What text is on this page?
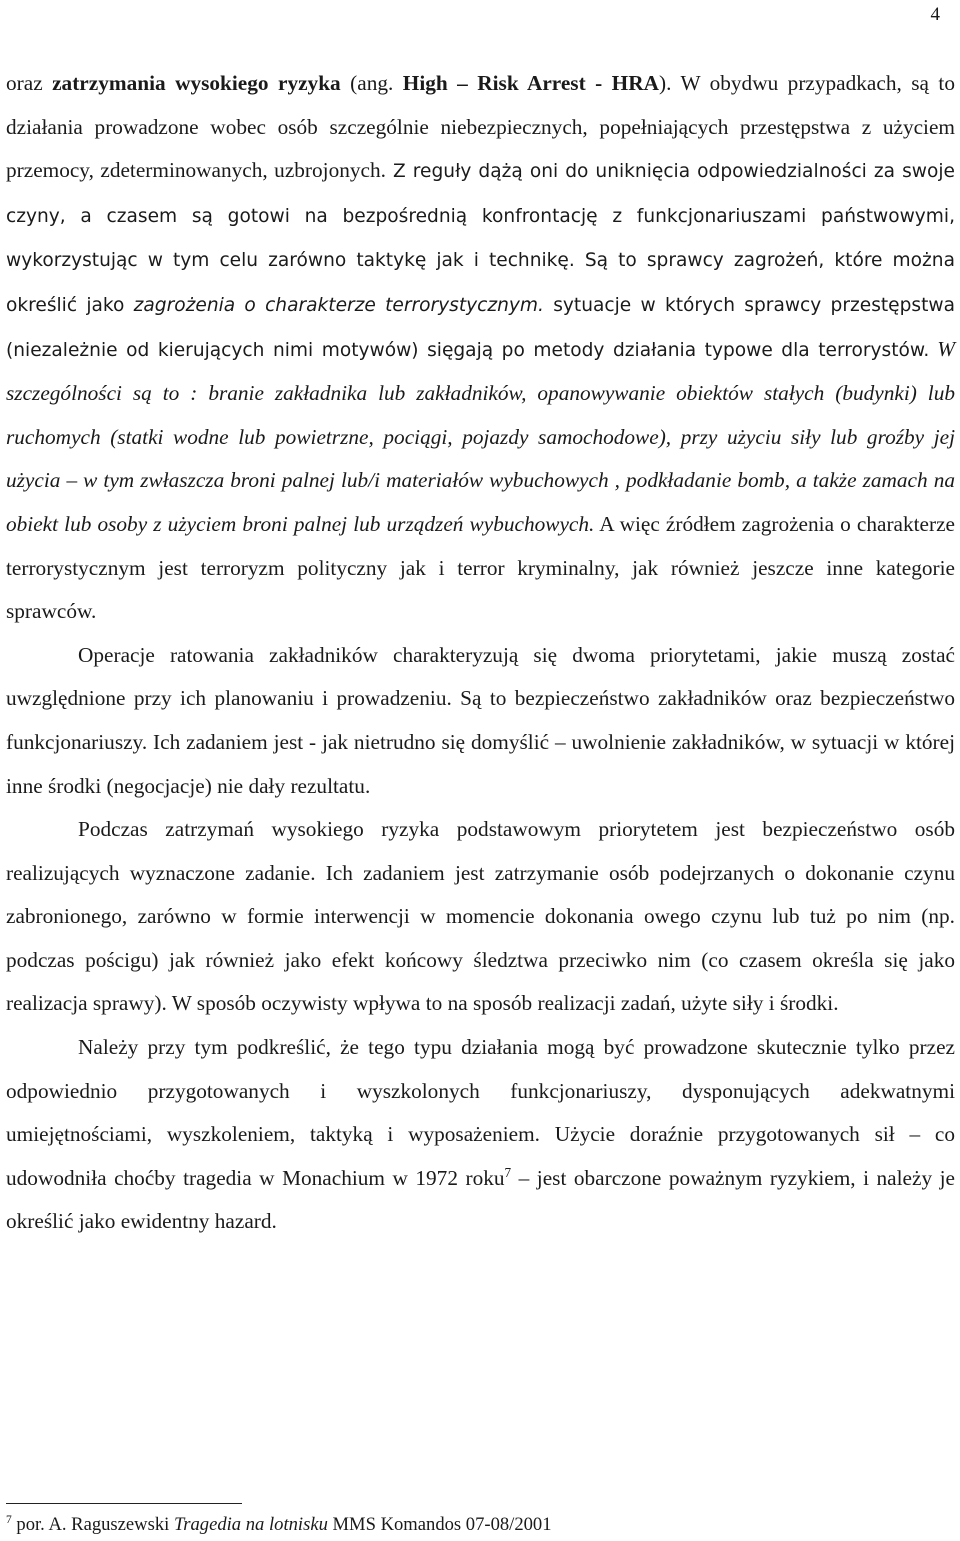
4

oraz zatrzymania wysokiego ryzyka (ang. High – Risk Arrest - HRA). W obydwu przypadkach, są to działania prowadzone wobec osób szczególnie niebezpiecznych, popełniających przestępstwa z użyciem przemocy, zdeterminowanych, uzbrojonych. Z reguły dążą oni do uniknięcia odpowiedzialności za swoje czyny, a czasem są gotowi na bezpośrednią konfrontację z funkcjonariuszami państwowymi, wykorzystując w tym celu zarówno taktykę jak i technikę. Są to sprawcy zagrożeń, które można określić jako zagrożenia o charakterze terrorystycznym. sytuacje w których sprawcy przestępstwa (niezależnie od kierujących nimi motywów) sięgają po metody działania typowe dla terrorystów. W szczególności są to : branie zakładnika lub zakładników, opanowywanie obiektów stałych (budynki) lub ruchomych (statki wodne lub powietrzne, pociągi, pojazdy samochodowe), przy użyciu siły lub groźby jej użycia – w tym zwłaszcza broni palnej lub/i materiałów wybuchowych , podkładanie bomb, a także zamach na obiekt lub osoby z użyciem broni palnej lub urządzeń wybuchowych. A więc źródłem zagrożenia o charakterze terrorystycznym jest terroryzm polityczny jak i terror kryminalny, jak również jeszcze inne kategorie sprawców.

Operacje ratowania zakładników charakteryzują się dwoma priorytetami, jakie muszą zostać uwzględnione przy ich planowaniu i prowadzeniu. Są to bezpieczeństwo zakładników oraz bezpieczeństwo funkcjonariuszy. Ich zadaniem jest - jak nietrudno się domyślić – uwolnienie zakładników, w sytuacji w której inne środki (negocjacje) nie dały rezultatu.

Podczas zatrzymań wysokiego ryzyka podstawowym priorytetem jest bezpieczeństwo osób realizujących wyznaczone zadanie. Ich zadaniem jest zatrzymanie osób podejrzanych o dokonanie czynu zabronionego, zarówno w formie interwencji w momencie dokonania owego czynu lub tuż po nim (np. podczas pościgu) jak również jako efekt końcowy śledztwa przeciwko nim (co czasem określa się jako realizacja sprawy). W sposób oczywisty wpływa to na sposób realizacji zadań, użyte siły i środki.

Należy przy tym podkreślić, że tego typu działania mogą być prowadzone skutecznie tylko przez odpowiednio przygotowanych i wyszkolonych funkcjonariuszy, dysponujących adekwatnymi umiejętnościami, wyszkoleniem, taktyką i wyposażeniem. Użycie doraźnie przygotowanych sił – co udowodniła choćby tragedia w Monachium w 1972 roku$^7$ – jest obarczone poważnym ryzykiem, i należy je określić jako ewidentny hazard.

$^7$ por. A. Raguszewski Tragedia na lotnisku MMS Komandos 07-08/2001
